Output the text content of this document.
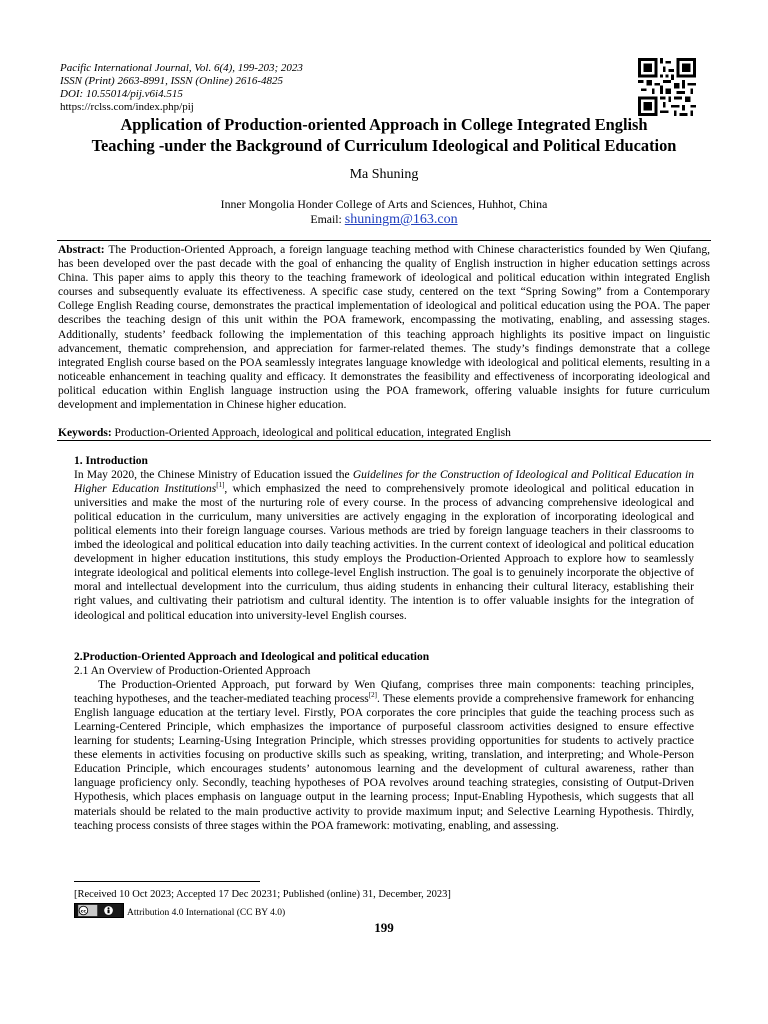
Pacific International Journal, Vol. 6(4), 199-203; 2023
ISSN (Print) 2663-8991, ISSN (Online) 2616-4825
DOI: 10.55014/pij.v6i4.515
https://rclss.com/index.php/pij
Application of Production-oriented Approach in College Integrated English
Teaching -under the Background of Curriculum Ideological and Political Education
Ma Shuning
Inner Mongolia Honder College of Arts and Sciences, Huhhot, China
Email: shuningm@163.con
Abstract: The Production-Oriented Approach, a foreign language teaching method with Chinese characteristics founded by Wen Qiufang, has been developed over the past decade with the goal of enhancing the quality of English instruction in higher education settings across China. This paper aims to apply this theory to the teaching framework of ideological and political education within integrated English courses and subsequently evaluate its effectiveness. A specific case study, centered on the text “Spring Sowing” from a Contemporary College English Reading course, demonstrates the practical implementation of ideological and political education using the POA. The paper describes the teaching design of this unit within the POA framework, encompassing the motivating, enabling, and assessing stages. Additionally, students’ feedback following the implementation of this teaching approach highlights its positive impact on linguistic advancement, thematic comprehension, and appreciation for farmer-related themes. The study’s findings demonstrate that a college integrated English course based on the POA seamlessly integrates language knowledge with ideological and political elements, resulting in a noticeable enhancement in teaching quality and efficacy. It demonstrates the feasibility and effectiveness of incorporating ideological and political education within English language instruction using the POA framework, offering valuable insights for future curriculum development and implementation in Chinese higher education.
Keywords: Production-Oriented Approach, ideological and political education, integrated English
1. Introduction
In May 2020, the Chinese Ministry of Education issued the Guidelines for the Construction of Ideological and Political Education in Higher Education Institutions[1], which emphasized the need to comprehensively promote ideological and political education in universities and make the most of the nurturing role of every course. In the process of advancing comprehensive ideological and political education in the curriculum, many universities are actively engaging in the exploration of incorporating ideological and political elements into their foreign language courses. Various methods are tried by foreign language teachers in their classrooms to imbed the ideological and political education into daily teaching activities. In the current context of ideological and political education development in higher education institutions, this study employs the Production-Oriented Approach to explore how to seamlessly integrate ideological and political elements into college-level English instruction. The goal is to genuinely incorporate the objective of moral and intellectual development into the curriculum, thus aiding students in enhancing their cultural literacy, establishing their right values, and cultivating their patriotism and cultural identity. The intention is to offer valuable insights for the integration of ideological and political education into university-level English courses.
2.Production-Oriented Approach and Ideological and political education
2.1 An Overview of Production-Oriented Approach
The Production-Oriented Approach, put forward by Wen Qiufang, comprises three main components: teaching principles, teaching hypotheses, and the teacher-mediated teaching process[2]. These elements provide a comprehensive framework for enhancing English language education at the tertiary level. Firstly, POA corporates the core principles that guide the teaching process such as Learning-Centered Principle, which emphasizes the importance of purposeful classroom activities designed to ensure effective learning for students; Learning-Using Integration Principle, which stresses providing opportunities for students to actively practice these elements in activities focusing on productive skills such as speaking, writing, translation, and interpreting; and Whole-Person Education Principle, which encourages students’ autonomous learning and the development of cultural awareness, rather than language proficiency only. Secondly, teaching hypotheses of POA revolves around teaching strategies, consisting of Output-Driven Hypothesis, which places emphasis on language output in the learning process; Input-Enabling Hypothesis, which suggests that all materials should be related to the main productive activity to provide maximum input; and Selective Learning Hypothesis. Thirdly, teaching process consists of three stages within the POA framework: motivating, enabling, and assessing.
[Received 10 Oct 2023; Accepted 17 Dec 20231; Published (online) 31, December, 2023]
cc	Attribution 4.0 International (CC BY 4.0)
199
